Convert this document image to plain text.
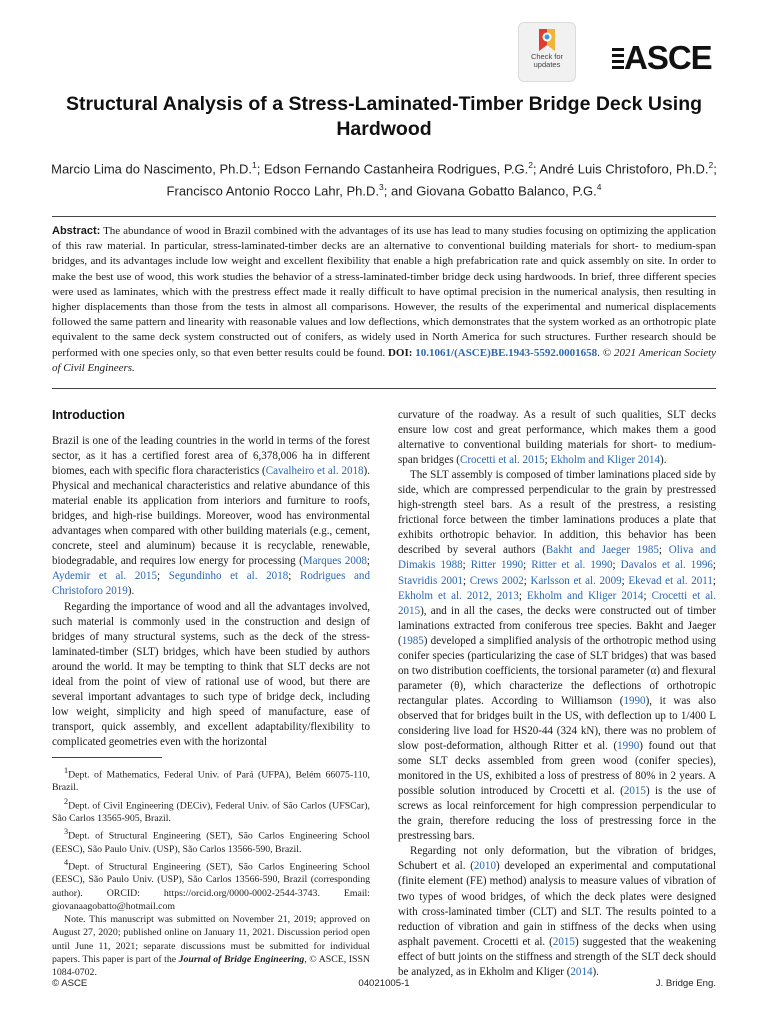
Check for
updates	ASCE
Structural Analysis of a Stress-Laminated-Timber Bridge Deck Using Hardwood
Marcio Lima do Nascimento, Ph.D.$^1$; Edson Fernando Castanheira Rodrigues, P.G.$^2$; André Luis Christoforo, Ph.D.$^2$; Francisco Antonio Rocco Lahr, Ph.D.$^3$; and Giovana Gobatto Balanco, P.G.$^4$
Abstract: The abundance of wood in Brazil combined with the advantages of its use has lead to many studies focusing on optimizing the application of this raw material. In particular, stress-laminated-timber decks are an alternative to conventional building materials for short- to medium-span bridges, and its advantages include low weight and excellent flexibility that enable a high prefabrication rate and quick assembly on site. In order to make the best use of wood, this work studies the behavior of a stress-laminated-timber bridge deck using hardwoods. In brief, three different species were used as laminates, which with the prestress effect made it really difficult to have optimal precision in the numerical analysis, then resulting in higher displacements than those from the tests in almost all comparisons. However, the results of the experimental and numerical displacements followed the same pattern and linearity with reasonable values and low deflections, which demonstrates that the system worked as an orthotropic plate equivalent to the same deck system constructed out of conifers, as widely used in North America for such structures. Further research should be performed with one species only, so that even better results could be found. DOI: 10.1061/(ASCE)BE.1943-5592.0001658. © 2021 American Society of Civil Engineers.
Introduction

Brazil is one of the leading countries in the world in terms of the forest sector, as it has a certified forest area of 6,378,006 ha in different biomes, each with specific flora characteristics (Cavalheiro et al. 2018). Physical and mechanical characteristics and relative abundance of this material enable its application from interiors and furniture to roofs, bridges, and high-rise buildings. Moreover, wood has environmental advantages when compared with other building materials (e.g., cement, concrete, steel and aluminum) because it is recyclable, renewable, biodegradable, and requires low energy for processing (Marques 2008; Aydemir et al. 2015; Segundinho et al. 2018; Rodrigues and Christoforo 2019).

Regarding the importance of wood and all the advantages involved, such material is commonly used in the construction and design of bridges of many structural systems, such as the deck of the stress-laminated-timber (SLT) bridges, which have been studied by authors around the world. It may be tempting to think that SLT decks are not ideal from the point of view of rational use of wood, but there are several important advantages to such type of bridge deck, including low weight, simplicity and high speed of manufacture, ease of transport, quick assembly, and excellent adaptability/flexibility to complicated geometries even with the horizontal

$^1$Dept. of Mathematics, Federal Univ. of Pará (UFPA), Belém 66075-110, Brazil.

$^2$Dept. of Civil Engineering (DECiv), Federal Univ. of São Carlos (UFSCar), São Carlos 13565-905, Brazil.

$^3$Dept. of Structural Engineering (SET), São Carlos Engineering School (EESC), São Paulo Univ. (USP), São Carlos 13566-590, Brazil.

$^4$Dept. of Structural Engineering (SET), São Carlos Engineering School (EESC), São Paulo Univ. (USP), São Carlos 13566-590, Brazil (corresponding author). ORCID: https://orcid.org/0000-0002-2544-3743. Email: giovanaagobatto@hotmail.com

Note. This manuscript was submitted on November 21, 2019; approved on August 27, 2020; published online on January 11, 2021. Discussion period open until June 11, 2021; separate discussions must be submitted for individual papers. This paper is part of the Journal of Bridge Engineering, © ASCE, ISSN 1084-0702.

curvature of the roadway. As a result of such qualities, SLT decks ensure low cost and great performance, which makes them a good alternative to conventional building materials for short- to medium-span bridges (Crocetti et al. 2015; Ekholm and Kliger 2014).

The SLT assembly is composed of timber laminations placed side by side, which are compressed perpendicular to the grain by prestressed high-strength steel bars. As a result of the prestress, a resisting frictional force between the timber laminations produces a plate that exhibits orthotropic behavior. In addition, this behavior has been described by several authors (Bakht and Jaeger 1985; Oliva and Dimakis 1988; Ritter 1990; Ritter et al. 1990; Davalos et al. 1996; Stavridis 2001; Crews 2002; Karlsson et al. 2009; Ekevad et al. 2011; Ekholm et al. 2012, 2013; Ekholm and Kliger 2014; Crocetti et al. 2015), and in all the cases, the decks were constructed out of timber laminations extracted from coniferous tree species. Bakht and Jaeger (1985) developed a simplified analysis of the orthotropic method using conifer species (particularizing the case of SLT bridges) that was based on two distribution coefficients, the torsional parameter (α) and flexural parameter (θ), which characterize the deflections of orthotropic rectangular plates. According to Williamson (1990), it was also observed that for bridges built in the US, with deflection up to 1/400 L considering live load for HS20-44 (324 kN), there was no problem of slow post-deformation, although Ritter et al. (1990) found out that some SLT decks assembled from green wood (conifer species), monitored in the US, exhibited a loss of prestress of 80% in 2 years. A possible solution introduced by Crocetti et al. (2015) is the use of screws as local reinforcement for high compression perpendicular to the grain, therefore reducing the loss of prestressing force in the prestressing bars.

Regarding not only deformation, but the vibration of bridges, Schubert et al. (2010) developed an experimental and computational (finite element (FE) method) analysis to measure values of vibration of two types of wood bridges, of which the deck plates were designed with cross-laminated timber (CLT) and SLT. The results pointed to a reduction of vibration and gain in stiffness of the decks when using asphalt pavement. Crocetti et al. (2015) suggested that the weakening effect of butt joints on the stiffness and strength of the SLT deck should be analyzed, as in Ekholm and Kliger (2014).

© ASCE	04021005-1	J. Bridge Eng.
